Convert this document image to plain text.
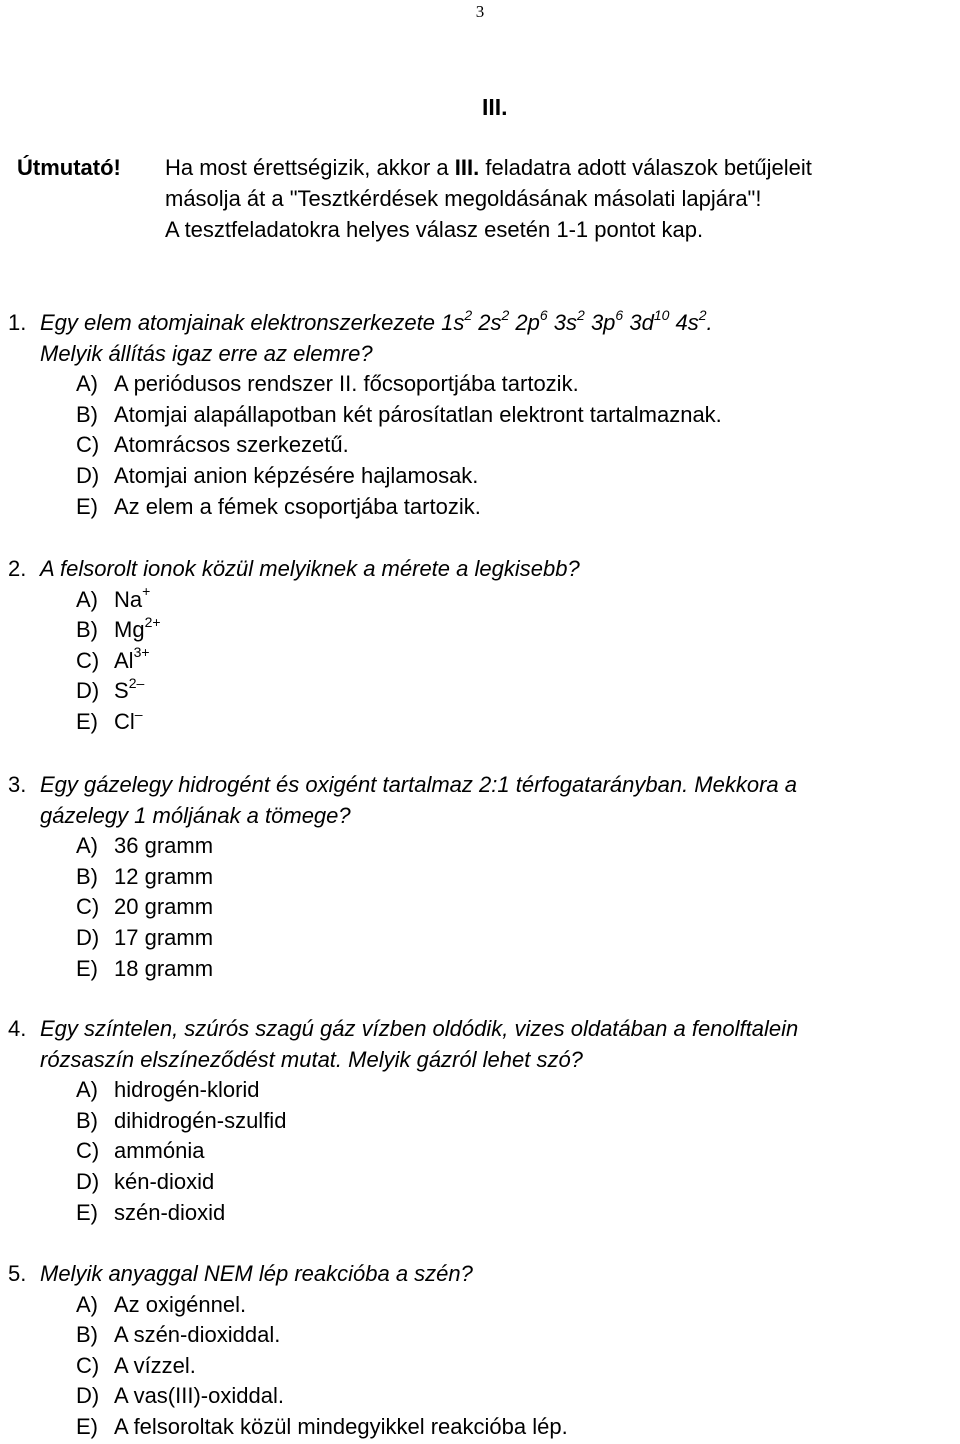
3
III.
Útmutató! Ha most érettségizik, akkor a III. feladatra adott válaszok betűjeleit
másolja át a "Tesztkérdések megoldásának másolati lapjára"!
A tesztfeladatokra helyes válasz esetén 1-1 pontot kap.
1. Egy elem atomjainak elektronszerkezete $1s^2$ $2s^2$ $2p^6$ $3s^2$ $3p^6$ $3d^{10}$ $4s^2$.
Melyik állítás igaz erre az elemre?
A) A periódusos rendszer II. főcsoportjába tartozik.
B) Atomjai alapállapotban két párosítatlan elektront tartalmaznak.
C) Atomrácsos szerkezetű.
D) Atomjai anion képzésére hajlamosak.
E) Az elem a fémek csoportjába tartozik.
2. A felsorolt ionok közül melyiknek a mérete a legkisebb?
A) Na+
B) $Mg^{2+}$
C) $Al^{3+}$
D) $S^{2-}$
E) Cl–
3. Egy gázelegy hidrogént és oxigént tartalmaz 2:1 térfogatarányban. Mekkora a
gázelegy 1 móljának a tömege?
A) 36 gramm
B) 12 gramm
C) 20 gramm
D) 17 gramm
E) 18 gramm
4. Egy színtelen, szúrós szagú gáz vízben oldódik, vizes oldatában a fenolftalein
rózsaszín elszíneződést mutat. Melyik gázról lehet szó?
A) hidrogén-klorid
B) dihidrogén-szulfid
C) ammónia
D) kén-dioxid
E) szén-dioxid
5. Melyik anyaggal NEM lép reakcióba a szén?
A) Az oxigénnel.
B) A szén-dioxiddal.
C) A vízzel.
D) A vas(III)-oxiddal.
E) A felsoroltak közül mindegyikkel reakcióba lép.
